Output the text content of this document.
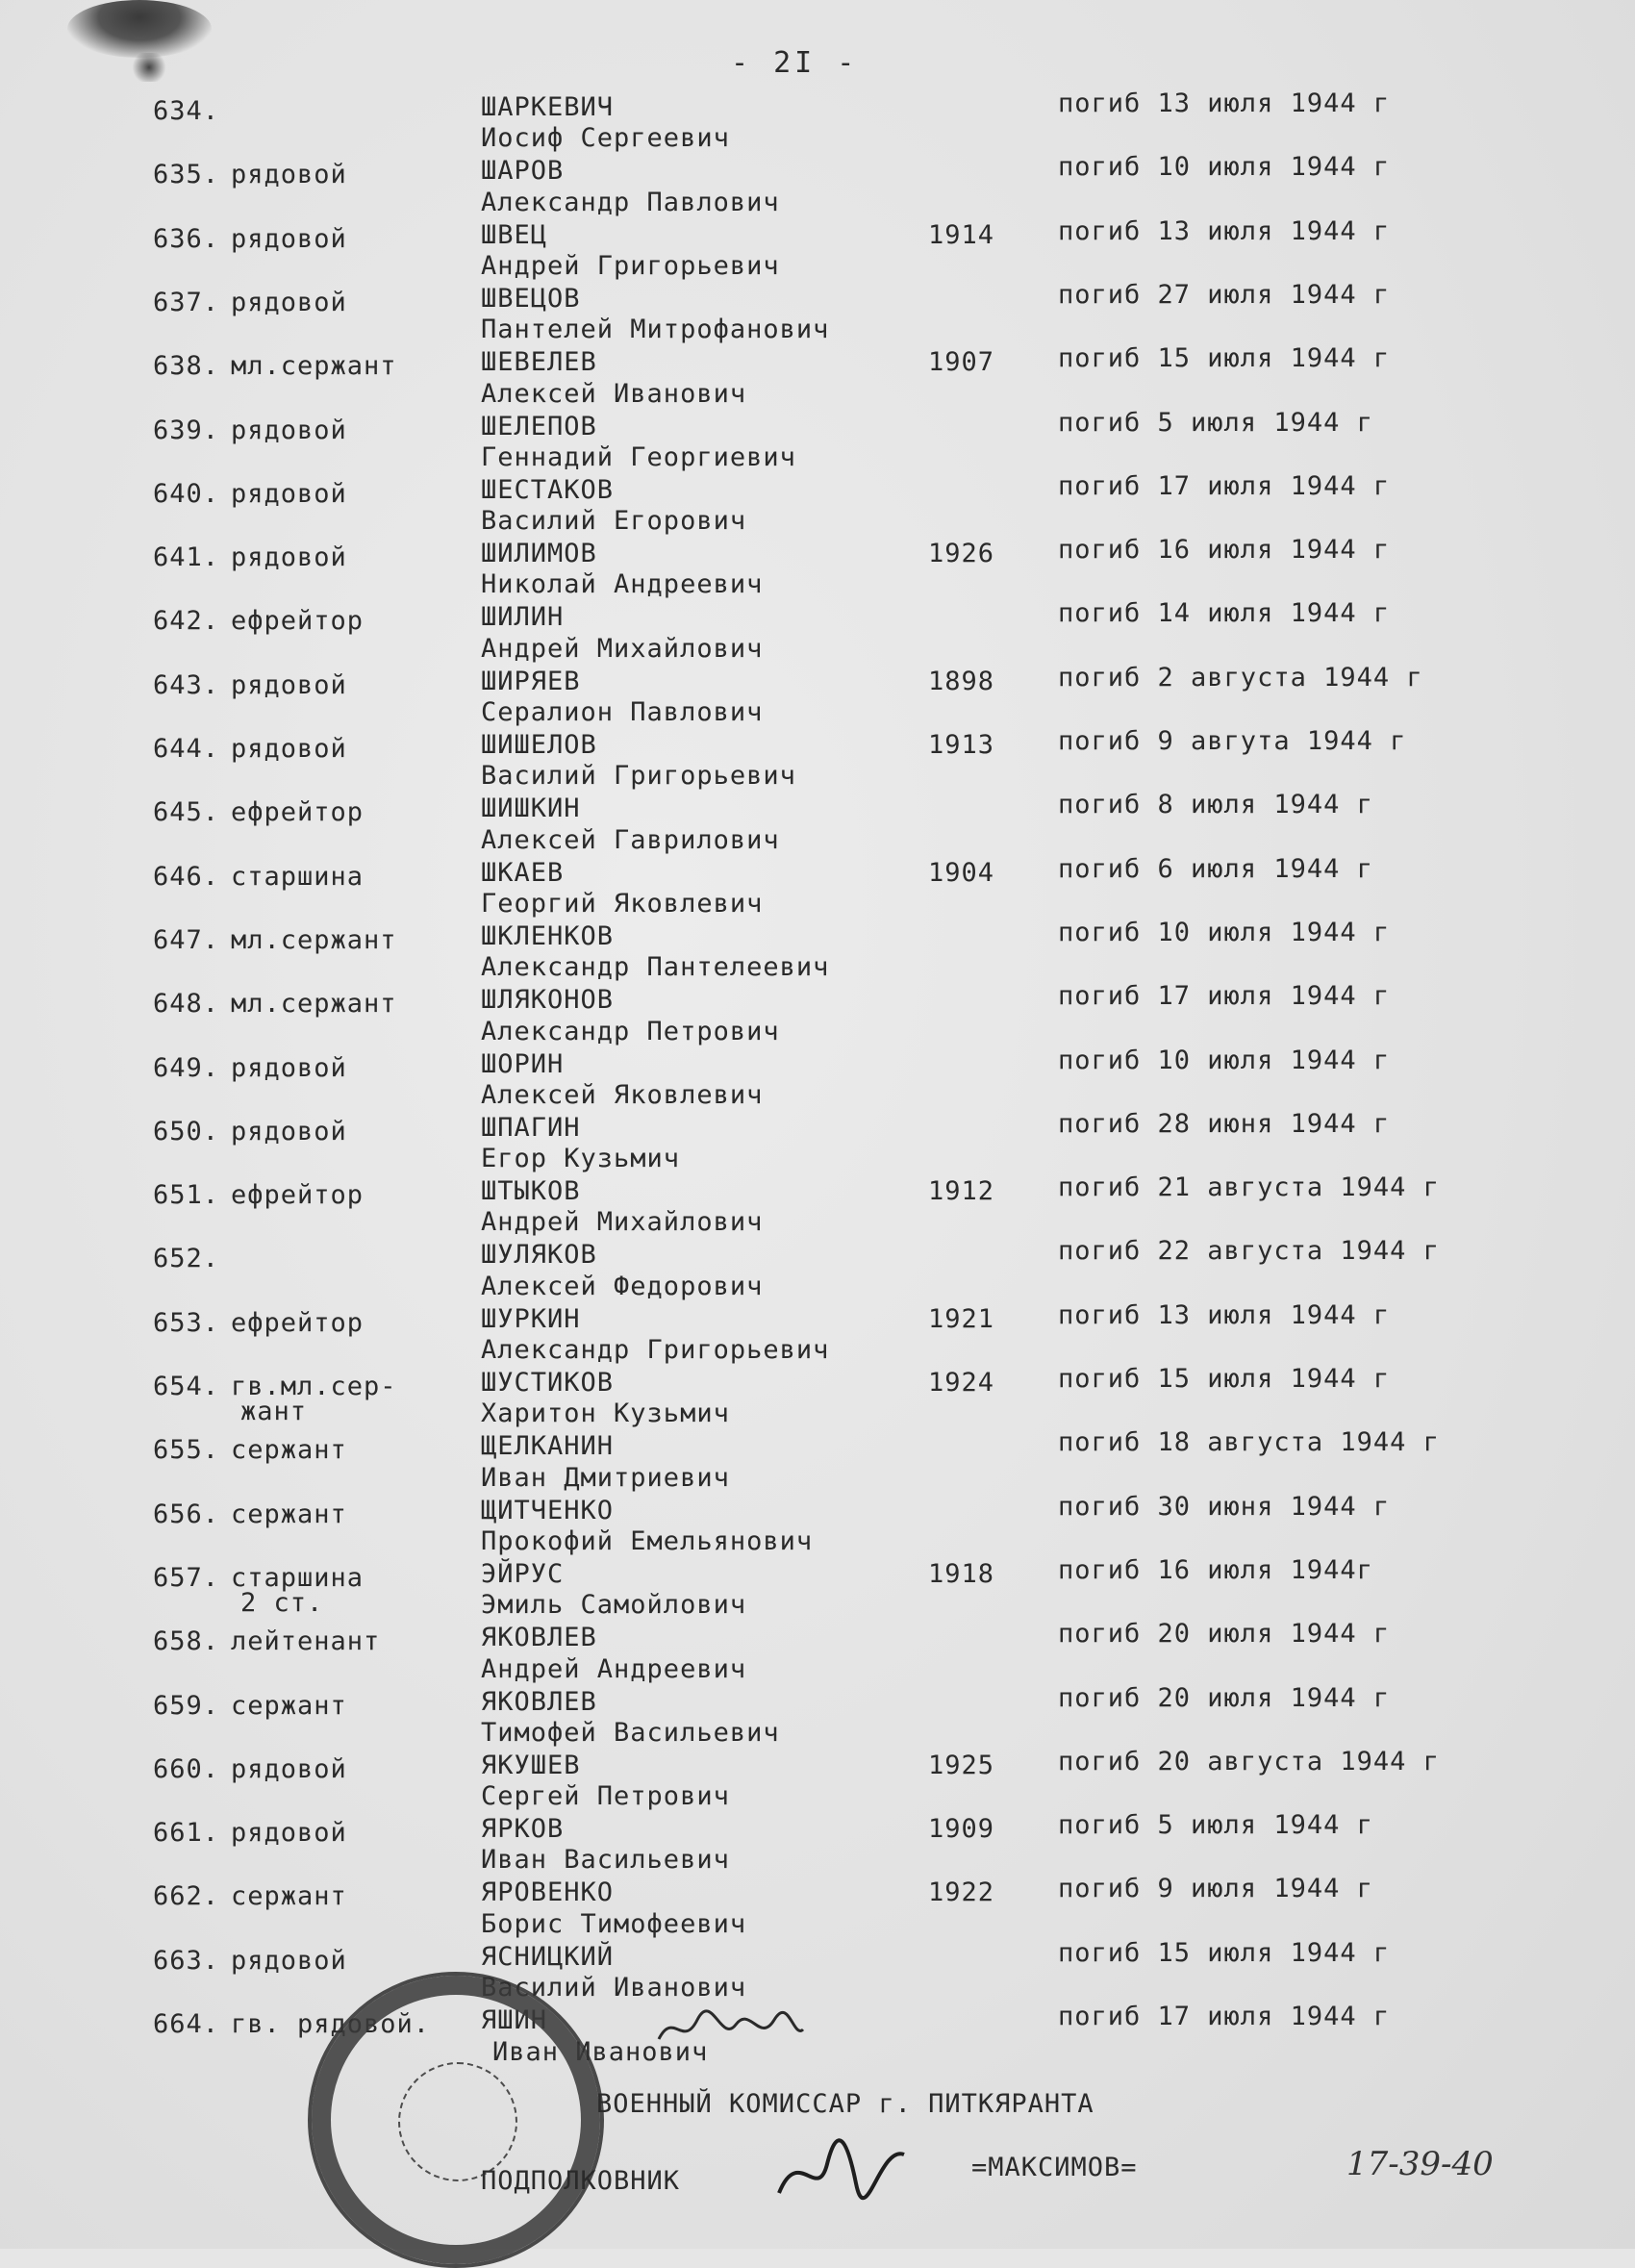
- 2I -
634.	ШАРКЕВИЧ	погиб 13 июля 1944 г
Иосиф Сергеевич
635. рядовой	ШАРОВ	погиб 10 июля 1944 г
Александр Павлович
636. рядовой	ШВЕЦ	1914 погиб 13 июля 1944 г
Андрей Григорьевич
637. рядовой	ШВЕЦОВ	погиб 27 июля 1944 г
Пантелей Митрофанович
638. мл.сержант	ШЕВЕЛЕВ	1907 погиб 15 июля 1944 г
Алексей Иванович
639. рядовой	ШЕЛЕПОВ	погиб 5 июля 1944 г
Геннадий Георгиевич
640. рядовой	ШЕСТАКОВ	погиб 17 июля 1944 г
Василий Егорович
641. рядовой	ШИЛИМОВ	1926 погиб 16 июля 1944 г
Николай Андреевич
642. ефрейтор	ШИЛИН	погиб 14 июля 1944 г
Андрей Михайлович
643. рядовой	ШИРЯЕВ	1898 погиб 2 августа 1944 г
Сералион Павлович
644. рядовой	ШИШЕЛОВ	1913 погиб 9 авгута 1944 г
Василий Григорьевич
645. ефрейтор	ШИШКИН	погиб 8 июля 1944 г
Алексей Гаврилович
646. старшина	ШКАЕВ	1904 погиб 6 июля 1944 г
Георгий Яковлевич
647. мл.сержант	ШКЛЕНКОВ	погиб 10 июля 1944 г
Александр Пантелеевич
648. мл.сержант	ШЛЯКОНОВ	погиб 17 июля 1944 г
Александр Петрович
649. рядовой	ШОРИН	погиб 10 июля 1944 г
Алексей Яковлевич
650. рядовой	ШПАГИН	погиб 28 июня 1944 г
Егор Кузьмич
651. ефрейтор	ШТЫКОВ	1912 погиб 21 августа 1944 г
Андрей Михайлович
652.	ШУЛЯКОВ	погиб 22 августа 1944 г
Алексей Федорович
653. ефрейтор	ШУРКИН	1921 погиб 13 июля 1944 г
Александр Григорьевич
654. гв.мл.сер-
жант
ШУСТИКОВ	1924 погиб 15 июля 1944 г
Харитон Кузьмич
655. сержант	ЩЕЛКАНИН	погиб 18 августа 1944 г
Иван Дмитриевич
656. сержант	ЩИТЧЕНКО	погиб 30 июня 1944 г
Прокофий Емельянович
657. старшина
2 ст.
ЭЙРУС	1918 погиб 16 июля 1944г
Эмиль Самойлович
658. лейтенант	ЯКОВЛЕВ	погиб 20 июля 1944 г
Андрей Андреевич
659. сержант	ЯКОВЛЕВ	погиб 20 июля 1944 г
Тимофей Васильевич
660. рядовой	ЯКУШЕВ	1925 погиб 20 августа 1944 г
Сергей Петрович
661. рядовой	ЯРКОВ	1909 погиб 5 июля 1944 г
Иван Васильевич
662. сержант	ЯРОВЕНКО	1922 погиб 9 июля 1944 г
Борис Тимофеевич
663. рядовой	ЯСНИЦКИЙ	погиб 15 июля 1944 г
Василий Иванович
664. гв. рядовой. ЯШИН	погиб 17 июля 1944 г
Иван Иванович
ВОЕННЫЙ КОМИССАР г. ПИТКЯРАНТА
ПОДПОЛКОВНИК	=МАКСИМОВ=	17-39-40
